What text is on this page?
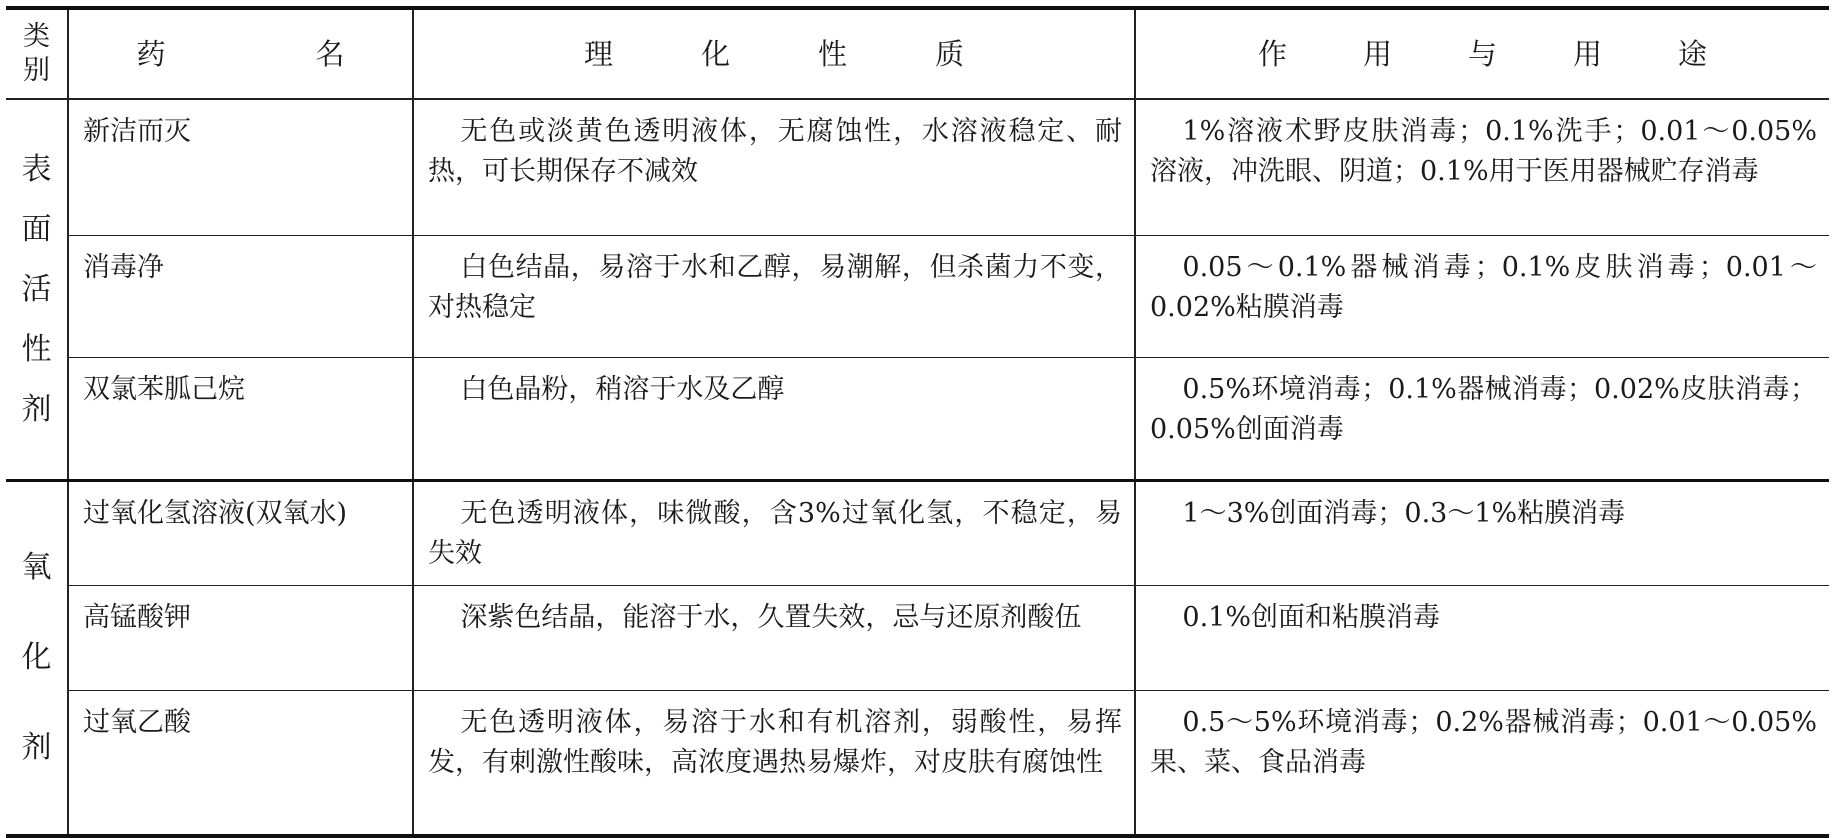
类别	药 名	理 化 性 质	作 用 与 用 途

表
面
活
性
剂	新洁而灭	无色或淡黄色透明液体，无腐蚀性，水溶液稳定、耐热，可长期保存不减效	1%溶液术野皮肤消毒；0.1%洗手；0.01～0.05%溶液，冲洗眼、阴道；0.1%用于医用器械贮存消毒
	消毒净	白色结晶，易溶于水和乙醇，易潮解，但杀菌力不变，对热稳定	0.05～0.1%器械消毒；0.1%皮肤消毒；0.01～0.02%粘膜消毒
	双氯苯胍己烷	白色晶粉，稍溶于水及乙醇	0.5%环境消毒；0.1%器械消毒；0.02%皮肤消毒；0.05%创面消毒

氧
化
剂	过氧化氢溶液(双氧水)	无色透明液体，味微酸，含3%过氧化氢，不稳定，易失效	1～3%创面消毒；0.3～1%粘膜消毒
	高锰酸钾	深紫色结晶，能溶于水，久置失效，忌与还原剂酸伍	0.1%创面和粘膜消毒
	过氧乙酸	无色透明液体，易溶于水和有机溶剂，弱酸性，易挥发，有刺激性酸味，高浓度遇热易爆炸，对皮肤有腐蚀性	0.5～5%环境消毒；0.2%器械消毒；0.01～0.05%果、菜、食品消毒
